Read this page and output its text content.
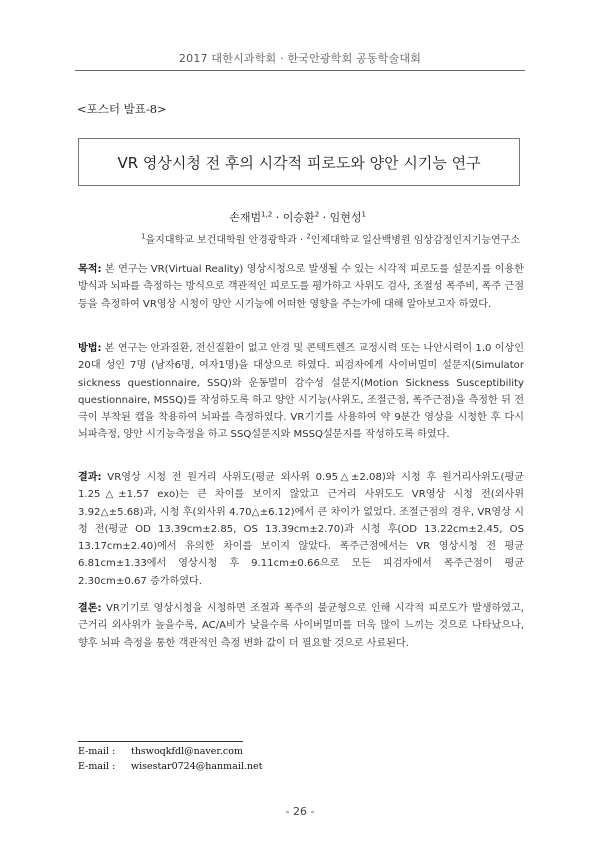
2017 대한시과학회 · 한국안광학회 공동학술대회
<포스터 발표-8>
VR 영상시청 전 후의 시각적 피로도와 양안 시기능 연구
손재범$^{1,2}$ · 이승환$^2$ · 임현성$^1$
$^1$을지대학교 보건대학원 안경광학과 · $^2$인제대학교 일산백병원 임상감정인지기능연구소
목적: 본 연구는 VR(Virtual Reality) 영상시청으로 발생될 수 있는 시각적 피로도를 설문지를 이용한 방식과 뇌파를 측정하는 방식으로 객관적인 피로도를 평가하고 사위도 검사, 조절성 폭주비, 폭주 근점 등을 측정하여 VR영상 시청이 양안 시기능에 어떠한 영향을 주는가에 대해 알아보고자 하였다.
방법: 본 연구는 안과질환, 전신질환이 없고 안경 및 콘택트렌즈 교정시력 또는 나안시력이 1.0 이상인 20대 성인 7명 (남자6명, 여자1명)을 대상으로 하였다. 피검자에게 사이버멀미 설문지(Simulator sickness questionnaire, SSQ)와 운동멀미 감수성 설문지(Motion Sickness Susceptibility questionnaire, MSSQ)를 작성하도록 하고 양안 시기능(사위도, 조절근점, 폭주근점)을 측정한 뒤 전극이 부착된 캡을 착용하여 뇌파를 측정하였다. VR기기를 사용하여 약 9분간 영상을 시청한 후 다시 뇌파측정, 양안 시기능측정을 하고 SSQ설문지와 MSSQ설문지를 작성하도록 하였다.
결과: VR영상 시청 전 원거리 사위도(평균 외사위 0.95△±2.08)와 시청 후 원거리사위도(평균 1.25△±1.57 exo)는 큰 차이를 보이지 않았고 근거리 사위도도 VR영상 시청 전(외사위3.92△±5.68)과, 시청 후(외사위 4.70△±6.12)에서 큰 차이가 없었다. 조절근점의 경우, VR영상 시청 전(평균 OD 13.39cm±2.85, OS 13.39cm±2.70)과 시청 후(OD 13.22cm±2.45, OS 13.17cm±2.40)에서 유의한 차이를 보이지 않았다. 폭주근점에서는 VR 영상시청 전 평균 6.81cm±1.33에서 영상시청 후 9.11cm±0.66으로 모든 피검자에서 폭주근점이 평균 2.30cm±0.67 증가하였다.
결론: VR기기로 영상시청을 시청하면 조절과 폭주의 불균형으로 인해 시각적 피로도가 발생하였고, 근거리 외사위가 높을수록, AC/A비가 낮을수록 사이버멀미를 더욱 많이 느끼는 것으로 나타났으나, 향후 뇌파 측정을 통한 객관적인 측정 변화 값이 더 필요할 것으로 사료된다.
E-mail : thswoqkfdl@naver.com
E-mail : wisestar0724@hanmail.net
- 26 -
